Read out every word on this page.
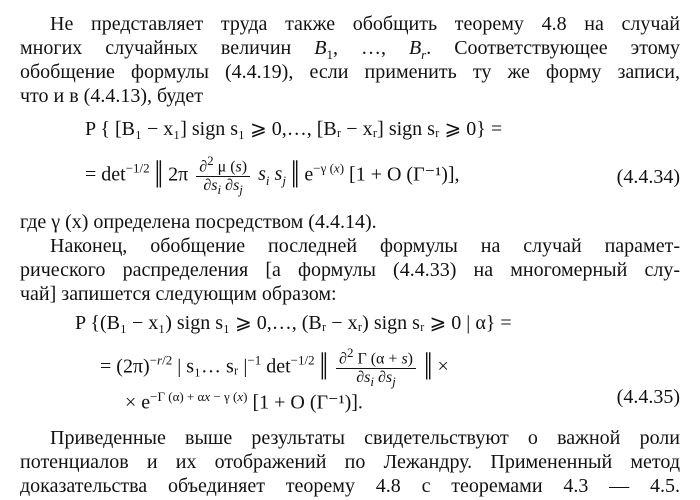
Не представляет труда также обобщить теорему 4.8 на случай
многих случайных величин $B_1$, …, $B_r$. Соответствующее этому
обобщение формулы (4.4.19), если применить ту же форму записи,
что и в (4.4.13), будет
P { [B₁ − x₁] sign s₁ ⩾ 0,…, [Bᵣ − xᵣ] sign sᵣ ⩾ 0} =
= $\det^{-1/2}$ ‖ $2\pi \frac{\partial^2 \mu (s)}{\partial s_i \partial s_j} s_i$ $s_j$ ‖ $e^{-\gamma (x)}$ [1 + O (Γ⁻¹)],	(4.4.34)
где γ (x) определена посредством (4.4.14).
Наконец, обобщение последней формулы на случай парамет-
рического распределения [а формулы (4.4.33) на многомерный слу-
чай] запишется следующим образом:
P {(B₁ − x₁) sign s₁ ⩾ 0,…, (Bᵣ − xᵣ) sign sᵣ ⩾ 0 | α} =
= $(2\pi)^{-r/2}$ | s₁… sᵣ $|^{-1}$ $\det^{-1/2}$ ‖ $\frac{\partial^2 \Gamma (\alpha + s)}{\partial s_i \partial s_j}$ ‖ ×
× $e^{-\Gamma (\alpha) + \alpha x - \gamma (x)}$ [1 + O (Γ⁻¹)].	(4.4.35)
Приведенные выше результаты свидетельствуют о важной роли
потенциалов и их отображений по Лежандру. Примененный метод
доказательства объединяет теорему 4.8 с теоремами 4.3 — 4.5.
